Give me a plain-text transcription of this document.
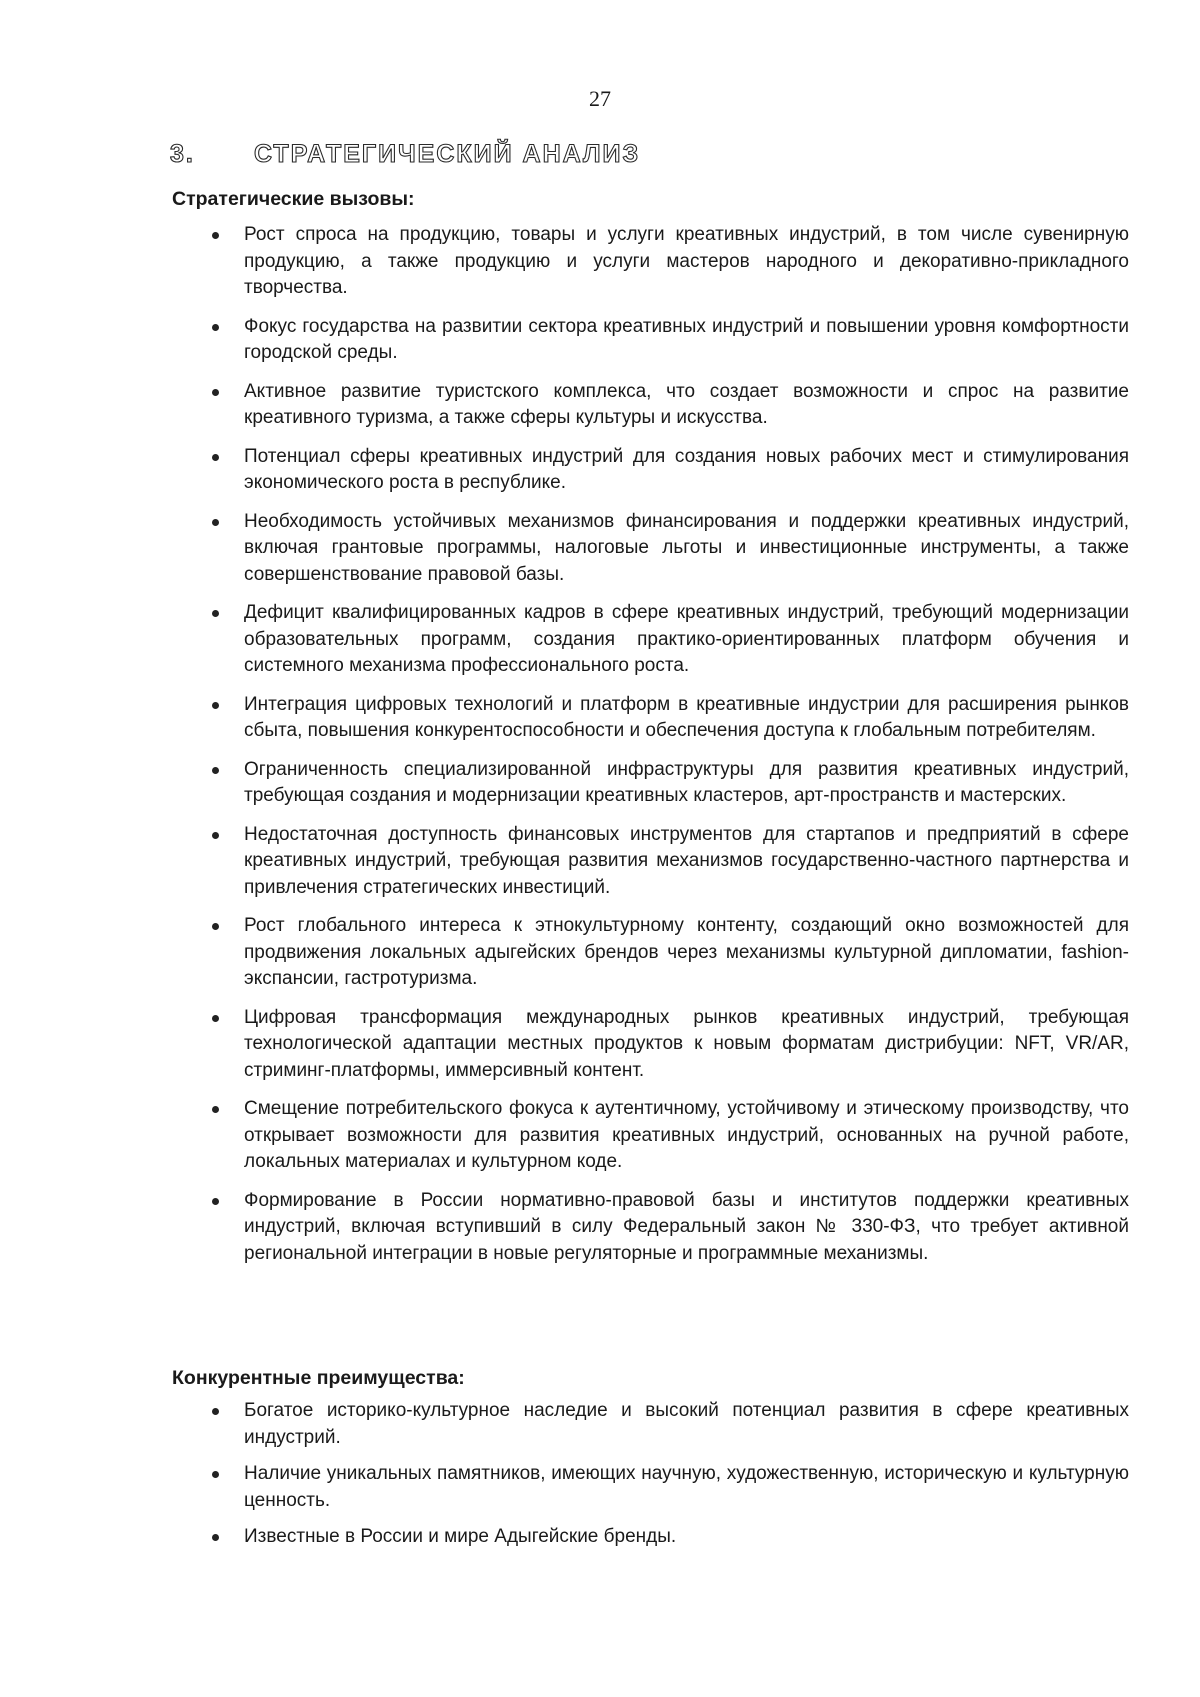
27
3. СТРАТЕГИЧЕСКИЙ АНАЛИЗ
Стратегические вызовы:
Рост спроса на продукцию, товары и услуги креативных индустрий, в том числе сувенирную продукцию, а также продукцию и услуги мастеров народного и декоративно-прикладного творчества.
Фокус государства на развитии сектора креативных индустрий и повышении уровня комфортности городской среды.
Активное развитие туристского комплекса, что создает возможности и спрос на развитие креативного туризма, а также сферы культуры и искусства.
Потенциал сферы креативных индустрий для создания новых рабочих мест и стимулирования экономического роста в республике.
Необходимость устойчивых механизмов финансирования и поддержки креативных индустрий, включая грантовые программы, налоговые льготы и инвестиционные инструменты, а также совершенствование правовой базы.
Дефицит квалифицированных кадров в сфере креативных индустрий, требующий модернизации образовательных программ, создания практико-ориентированных платформ обучения и системного механизма профессионального роста.
Интеграция цифровых технологий и платформ в креативные индустрии для расширения рынков сбыта, повышения конкурентоспособности и обеспечения доступа к глобальным потребителям.
Ограниченность специализированной инфраструктуры для развития креативных индустрий, требующая создания и модернизации креативных кластеров, арт-пространств и мастерских.
Недостаточная доступность финансовых инструментов для стартапов и предприятий в сфере креативных индустрий, требующая развития механизмов государственно-частного партнерства и привлечения стратегических инвестиций.
Рост глобального интереса к этнокультурному контенту, создающий окно возможностей для продвижения локальных адыгейских брендов через механизмы культурной дипломатии, fashion-экспансии, гастротуризма.
Цифровая трансформация международных рынков креативных индустрий, требующая технологической адаптации местных продуктов к новым форматам дистрибуции: NFT, VR/AR, стриминг-платформы, иммерсивный контент.
Смещение потребительского фокуса к аутентичному, устойчивому и этическому производству, что открывает возможности для развития креативных индустрий, основанных на ручной работе, локальных материалах и культурном коде.
Формирование в России нормативно-правовой базы и институтов поддержки креативных индустрий, включая вступивший в силу Федеральный закон № 330-ФЗ, что требует активной региональной интеграции в новые регуляторные и программные механизмы.
Конкурентные преимущества:
Богатое историко-культурное наследие и высокий потенциал развития в сфере креативных индустрий.
Наличие уникальных памятников, имеющих научную, художественную, историческую и культурную ценность.
Известные в России и мире Адыгейские бренды.
